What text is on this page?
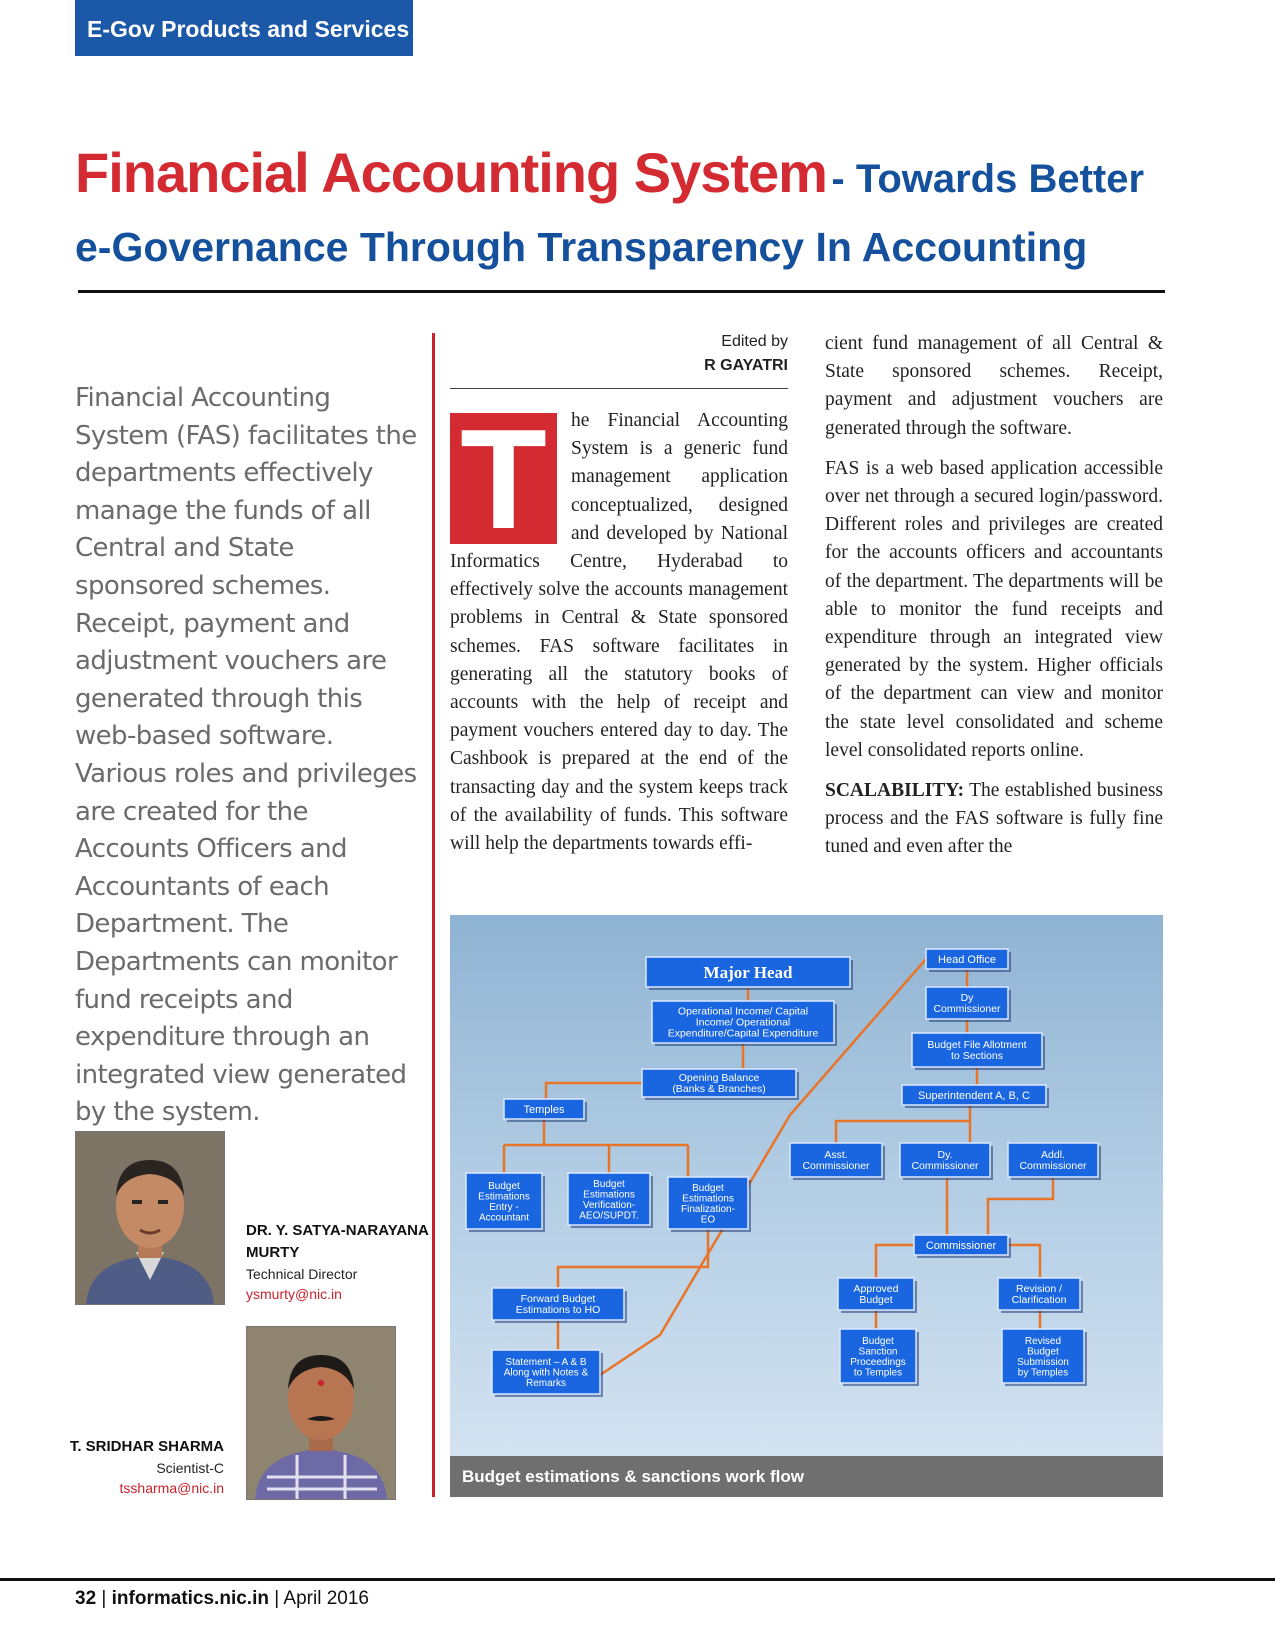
E-Gov Products and Services
Financial Accounting System - Towards Better
e-Governance Through Transparency In Accounting
Financial Accounting System (FAS) facilitates the departments effectively manage the funds of all Central and State sponsored schemes. Receipt, payment and adjustment vouchers are generated through this web-based software. Various roles and privileges are created for the Accounts Officers and Accountants of each Department. The Departments can monitor fund receipts and expenditure through an integrated view generated by the system.
Edited by
R GAYATRI
T	he Financial Accounting System is a generic fund management application conceptualized, designed and developed by National Informatics Centre, Hyderabad to effectively solve the accounts management problems in Central & State sponsored schemes. FAS software facilitates in generating all the statutory books of accounts with the help of receipt and payment vouchers entered day to day. The Cashbook is prepared at the end of the transacting day and the system keeps track of the availability of funds. This software will help the departments towards effi-

cient fund management of all Central & State sponsored schemes. Receipt, payment and adjustment vouchers are generated through the software.

FAS is a web based application accessible over net through a secured login/password. Different roles and privileges are created for the accounts officers and accountants of the department. The departments will be able to monitor the fund receipts and expenditure through an integrated view generated by the system. Higher officials of the department can view and monitor the state level consolidated and scheme level consolidated reports online.

SCALABILITY: The established business process and the FAS software is fully fine tuned and even after the

Major Head
Operational Income/ Capital
Income/ Operational
Expenditure/Capital Expenditure
Opening Balance
(Banks & Branches)
Temples
Budget
Estimations
Entry -
Accountant
Budget
Estimations
Verification-
AEO/SUPDT.
Budget
Estimations
Finalization-
EO
Forward Budget
Estimations to HO
Statement – A & B
Along with Notes &
Remarks
Head Office
Dy
Commissioner
Budget File Allotment
to Sections
Superintendent A, B, C
Asst.
Commissioner
Dy.
Commissioner
Addl.
Commissioner
Commissioner
Approved
Budget
Revision /
Clarification
Budget
Sanction
Proceedings
to Temples
Revised
Budget
Submission
by Temples
Budget estimations & sanctions work flow
DR. Y. SATYA-NARAYANA MURTY
Technical Director
ysmurty@nic.in
T. SRIDHAR SHARMA
Scientist-C
tssharma@nic.in
32 | informatics.nic.in | April 2016
